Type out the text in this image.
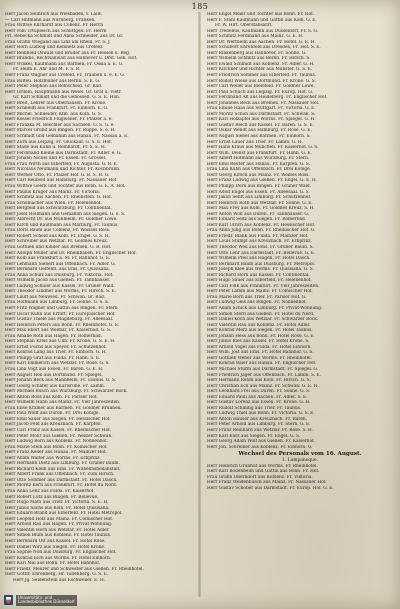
185
Herr Jacob Heinrich aus Wiesbaden, v. Laiw.
— Carl Hnfmann aus Nürnberg. Franken.
Frau Wittwe Ehrhardt aus Cobenz. Fr. Herrn
Herr vom Trtuplesch aus Schlittgen. Fr. Herrn
Frl. Rebecka Schmidt und Anna Schneider, aus Dr. Gr.
Frau Gräfin Wiegand aus Linz am Rhein, Fr. S. J.
Herr Horn Ludwig und Kemnetz aus Crefeld.
Herr Reinhold Oswald und Bruder aus Fr. Hessen u. Reg.
Herr Brandis, Rechtsanwalt aus Hannover u. Drst. Geb. Hof.
Herr Winkel, Kaufmann aus Barmen, Fr. Ossia a. E. G.
Fr. Heim E. Ahr und M. F. S. B.
Herr Franz Wagner aus Crefeld, Fr. Trauben u. e. E. G.
Frau Bolteu. Holzmüller aus Berlin. S. E. G.
Herr Peter Stephan aus Remscheid. Gr. Bad.
Herr Grimm, Hauptmann aus Wesel. Gr. Graf u. Vietr.
Gr. Karl Schmidt und die Genossen. G. S. E. Hub.
Herr Breit, Lehrer aus Oberhausen. Fr. Krone.
Herr Schneidt aus Frankfurt. Fr. Einhorn. E. G.
Herr Michel. Schneider, Kfm. aus Köln. G. S.
Herr Kessel Friedrich Flugweiler, Fr. Pfälzer a. e.
Herr Franzka M. Beschler aus Sachsen. G. S. G. e.
Herr Marcel Grund aus Bingen. Fr. Ruppe. S. e. H.
Herr Schmidt und Gemahlin aus Hanau. Fr. Nassau a. E.
Herr Zorn aus Leipzig, Fr. Glückauf. G. S. E. Hof.
Herr Stade aus Kuhn u. Reinhardt, Fr. S. E. H.
Herr Ferdinand Kleine aus Darmstadt, Fr. Adler. e. G.
Herr Johann Nickel und Fr. Essen. Fr. Grossel.
Frau Frau Wirth aus Elberfeld, Fr. Augusta. G. B. E.
Herr Nicolaus Neumann und Richter, Fr. Kochbrunn.
Herr Werner Otto, Fr. Pfälzer Hof. G. B. S. H. G.
Herr Carl Reubold aus Hamburg. Fr. Nassauer Hof.
Frau Wittwe Goerk und Tochter aus Bonn. G. E. A. Hof.
Herr Paulus Krüger aus Mainz. Fr. Victoria.
Herr Schmitz aus Aachen, Fr. Rheinstein. G. Hof.
Frau Schumacher aus Wien. Fr. Helenenhof.
Herr Bergfeld aus Schwarzburg, Fr. Continental.
Herr Josef Hollmann und Gemahlin aus Siegen. G. e. S.
Herr Albrecht Dr. aus Mühlheim. Fr. Goldner Löwe.
Herr Kirch und Kaufmann aus Marburg, Fr. Taunus.
Frau Doris Baum aus Coblenz, Fr. Weisses Ross.
Herr Robert Scheid aus Köln. Fr. Engel. G. S. H.
Herr Schreiber aus Wetzlar. Fr. Goldnes Kreuz.
Frau Gottlieb und Kinder aus Bremen. G. B. Hof.
Herr Adolph Müller und Dr. Rheinbaben, Fr. Englischer Hof.
Herr Kolb aus Frankfurt a. M. Fr. Bahnhof. G. E.
Herr Lehmann Siebert aus Offenbach. Fr. Adler. G.
Herr Bernhard Oeffentl. aus Ems. Fr. Quisisana.
Frau Anna Schulz aus Duisburg. Fr. Viktoria. Hof.
Herr Wilhelm Jacob aus Gießen. Fr. Tannhäuser.
Herr Ludwig Schüler aus Kassel, Fr. Grüner Wald.
Herr Theodor Lindner aus Worms, Fr. Hirsch. S. E.
Herr Lauff aus Neuwied. Fr. Schwan. Gr. Bad.
Frau Hoffmann aus Limburg. Fr. Sonne. G. S. E.
Herr Fritz Wagner und Gattin aus Bingen. Fr. Stern.
Herr Oscar Kühn aus Erfurt. Fr. Europäischer Hof.
Herr Gustav Thiele aus Magdeburg. Fr. Alleesaal.
Herr Heinrich Peters aus Bonn. Fr. Rheinhotel. G. E.
Herr Max Ebert aus Weimar, Fr. Kaiserbad. G. S.
Frau Amalie Roth aus Hagen. Fr. Römerbad.
Herr Stephan Kreis aus Ulm. Fr. Krone. G. S. E. H.
Herr Ernst Fuchs aus Speyer. Fr. Schützenhof.
Herr Konrad Lang aus Trier. Fr. Einhorn. G. H.
Herr Philipp Graf aus Fulda. Fr. Hahn. S. E.
Herr Karl Emmerich aus Wetzlar. Fr. Rose. G. S.
Frau Lina Vogt aus Essen. Fr. Bären. G. E. H.
Herr August Heil aus Dortmund. Fr. Spiegel.
Herr Johann Beck aus Mannheim. Fr. Taunus. G. S.
Herr Georg Schäfer aus Karlsruhe. Fr. Lamm.
Herr Michael Busch aus Würzburg. Fr. Schwarzer Bock.
Herr Anton Roos aus Köln. Fr. Pariser Hof.
Herr Wilhelm Hahn aus Mainz. Fr. Vier Jahreszeiten.
Frau Elise Krämer aus Barmen. Fr. Goldner Brunnen.
Herr Paul Wolff aus Düren. Fr. Drei Könige.
Herr Emil Sauer aus Siegen. Fr. Hessischer Hof.
Herr Jacob Feld aus Kreuznach. Fr. Karpfen.
Herr Carl Franz aus Kassel. Fr. Rheinischer Hof.
Herr Peter Mohr aus Gießen. Fr. Weißer Schwan.
Herr Ludwig Born aus Koblenz. Fr. Nonnenhof.
Frau Marie Stein aus Bonn. Fr. Kölnischer Hof.
Herr Franz Keller aus Hanau. Fr. Mainzer Hof.
Herr Adam Walter aus Worms. Fr. Erbprinz.
Herr Hermann Dietz aus Limburg. Fr. Grüner Baum.
Herr Richard Klein aus Ems. Fr. Wilhelmsheilanstalt.
Herr Albert Frank aus Offenbach. Fr. Zum Hirsch.
Herr Otto Sommer aus Darmstadt. Fr. Hotel Dasch.
Herr Moritz Kern aus Frankfurt. Fr. Hotel du Nord.
Frau Anna Lenz aus Fulda. Fr. Kaiserhof.
Herr Robert Lutz aus Bingen. Fr. Bellevue.
Herr Hugo Marx aus Trier. Fr. Victoria. S. E. H.
Herr Julius Sachs aus Köln. Fr. Hotel Quisisana.
Herr Eduard Brand aus Elberfeld. Fr. Hotel Metropol.
Herr Leopold Holz aus Mainz. Fr. Cölnischer Hof.
Herr Arnold Rau aus Hagen. Fr. Privat-Wohnung.
Herr Valentin Horn aus Wetzlar. Fr. Hotel Adler.
Herr Simon Blum aus Koblenz. Fr. Hotel Taunus.
Herr Bernhard Ott aus Kassel. Fr. Hotel Rose.
Herr Daniel Wirz aus Siegen. Fr. Hotel Krone.
Frau Sophie Noll aus Duisburg. Fr. Englischer Hof.
Herr Konrad Eich aus Worms. Fr. Hotel Einhorn.
Herr Karl Mai aus Bonn. Fr. Hotel Bahnhof.
Herr Friedr. Meurer und Schwester aus Gießen. Fr. Rheinhotel.
Herr Gottfr. Ehrenberg, Hr. Tallenberg. G. S. E.
Herr Jg. Seidenstein aus Eschweiler. E. H.
Herr Engel Meier und Tochter aus Bonn. Fr. Hof.
Herr F. Stahl Kaufmann und Gattin aus Köln. G. E.
Fr. W. Hirt. Oberstabsarzt.
Herr Trebelius, Kaufmann aus Düsseldorf, Fr. S. G.
Herr Schmitz Ferdinand aus Mainz. G. E. H.
Herr Dr. Wertheim aus Aachen. Fr. Hotel. G. E. H.
Herr Schubert Ehrenfeld aus Dresden, Fr. Hof. S. E.
Herr Rinkenberg aus Hannover, Fr. Sonne. G.
Herr Wilhelm Schmitz aus Berlin. Fr. Hirsch. S.
Herr Ewald Schmidt aus Koblenz. Fr. Adler. G. H.
Herr Kirchner und Richter aus Münster. G. S. E.
Herr Friedrich Sommer aus Elberfeld. Fr. Taunus.
Herr Rudolf Wiese aus Dortmund. Fr. Krone. G. S.
Herr Carl Weiler aus Bielefeld. Fr. Goldner Löwe.
Herr Paul Schuch aus Leipzig. Fr. Europ. Hof. G.
Herr Ferdinand Alt aus Heidelberg. Fr. Englischer Hof.
Herr Johannes Beck aus Bremen. Fr. Nassauer Hof.
Frau Emilie Haas aus Stuttgart. Fr. Victoria. G. E.
Herr Moritz Schön aus Darmstadt. Fr. Schwan. S.
Herr Karl Holzapfel aus Worms. Fr. Spiegel. G. H.
Herr Gustav Reich aus Kassel. Fr. Bären. G. S. E.
Herr Oskar Wendt aus Hamburg. Fr. Rose. G. E.
Herr August Siebel aus Barmen. Fr. Einhorn. S.
Herr Ernst Lauer aus Trier. Fr. Lamm. G. H.
Herr Hans Kraus aus München. Fr. Kaiserhof. G. S.
Herr Wilh. Dienst aus Frankfurt. Fr. Hahn. G. E.
Herr Albert Hofmann aus Würzburg. Fr. Stern.
Herr Emil Reuter aus Hanau. Fr. Karpfen. G. S.
Frau Lina Kuhn aus Offenbach. Fr. Drei Könige.
Herr Georg Kirsch aus Mainz. Fr. Weißes Ross.
Herr Franz Ludwig aus Gießen. Fr. Engel. G. E. H.
Herr Philipp Dorn aus Bingen. Fr. Grüner Wald.
Herr Adolf Engel aus Essen. Fr. Alleesaal. G. S.
Herr Jakob Senft aus Limburg. Fr. Schützenhof.
Herr Heinrich Roth aus Wetzlar. Fr. Sonne. G. E.
Herr Max Frey aus Köln. Fr. Goldnes Kreuz. S. H.
Herr Anton Wolf aus Düren. Fr. Tannhäuser. G.
Herr Eduard Seitz aus Siegen. Fr. Römerbad.
Herr Karl Ulrich aus Koblenz. Fr. Hessischer Hof.
Frau Anna Jung aus Bonn. Fr. Rheinischer Hof. G.
Herr Friedr. Blank aus Fulda. Fr. Mainzer Hof.
Herr Louis Stumpf aus Kreuznach. Fr. Erbprinz.
Herr Theodor Weil aus Ems. Fr. Grüner Baum. S.
Herr Otto Lehr aus Darmstadt. Fr. Bellevue. G. E.
Herr Wilhelm Pfeil aus Hagen. Fr. Hotel Dasch.
Herr Bernhard Baum aus Duisburg. Fr. Metropol.
Herr Joseph Klee aus Worms. Fr. Quisisana. G. S.
Herr Richard Horn aus Kassel. Fr. Continental.
Herr Hugo Sauer aus Elberfeld. Fr. Helenenhof.
Herr Carl Fink aus Frankfurt. Fr. Vier Jahreszeiten.
Herr Peter Lamm aus Mainz. Fr. Cölnischer Hof.
Frau Marie Born aus Trier. Fr. Pariser Hof. G.
Herr Ludwig Geis aus Bingen. Fr. Nonnenhof.
Herr Adam Schick aus Limburg. Fr. Privat-Wohnung.
Herr Simon Stern aus Gießen. Fr. Hotel du Nord.
Herr Daniel Koch aus Wetzlar. Fr. Schwarzer Bock.
Herr Valentin Rau aus Koblenz. Fr. Hotel Adler.
Herr Konrad Merz aus Siegen. Fr. Hotel Taunus.
Herr Johann Hess aus Bonn. Fr. Hotel Rose. G. E.
Herr Julius Ries aus Kassel. Fr. Hotel Krone. S.
Herr Arnold Vogel aus Fulda. Fr. Hotel Einhorn.
Herr Wilh. Jost aus Ems. Fr. Hotel Bahnhof. G. S.
Herr Gottlieb Weber aus Worms. Fr. Rheinhotel.
Herr Konrad Baier aus Hanau. Fr. Englischer Hof.
Herr Michael Sturm aus Darmstadt. Fr. Spiegel. G.
Herr Friedrich Jäger aus Offenbach. Fr. Lamm. S. E.
Herr Hermann Rehm aus Köln. Fr. Hirsch. G. S.
Herr Christian Eck aus Mainz. Fr. Schwan. G. E. H.
Herr Leonhard Frei aus Düren. Fr. Sonne. G. S.
Herr Eduard Pauli aus Aachen. Fr. Adler. S. E.
Herr Gustav Lorenz aus Essen. Fr. Krone. G. H.
Herr Rudolf Schilling aus Trier. Fr. Taunus.
Herr Ludwig Thiel aus Bonn. Fr. Victoria. G. S. E.
Herr Anton Hauser aus Kreuznach. Fr. Bären.
Herr Peter Arnold aus Limburg. Fr. Stern. G. E.
Herr Franz Reinhard aus Wetzlar. Fr. Rose. S. H.
Herr Karl Kurz aus Siegen. Fr. Engel. G. S.
Herr Georg Adam Wolf aus Gießen. Fr. Kaiserhof.
Herr Joh. Schreiner aus Koblenz. Fr. Einhorn. G.
Wechsel des Personals vom 16. August.
1. Lumpanoque.
Herr Heinrich Grünhut aus Worms. Fr. Rheinhotel.
Herr Karl Bodenheim und Gattin aus Bonn. Fr. Hof.
Frau Gräfin Oberndorf aus Koblenz. Fr. Viktoria.
Herr Franz Weidenbusch aus Mainz. Fr. Nassauer Hof.
Herr Gustav Schober aus Darmstadt. Fr. Europ. Hof. G. E.
Universitäts- und
Landesbibliothek Düsseldorf
